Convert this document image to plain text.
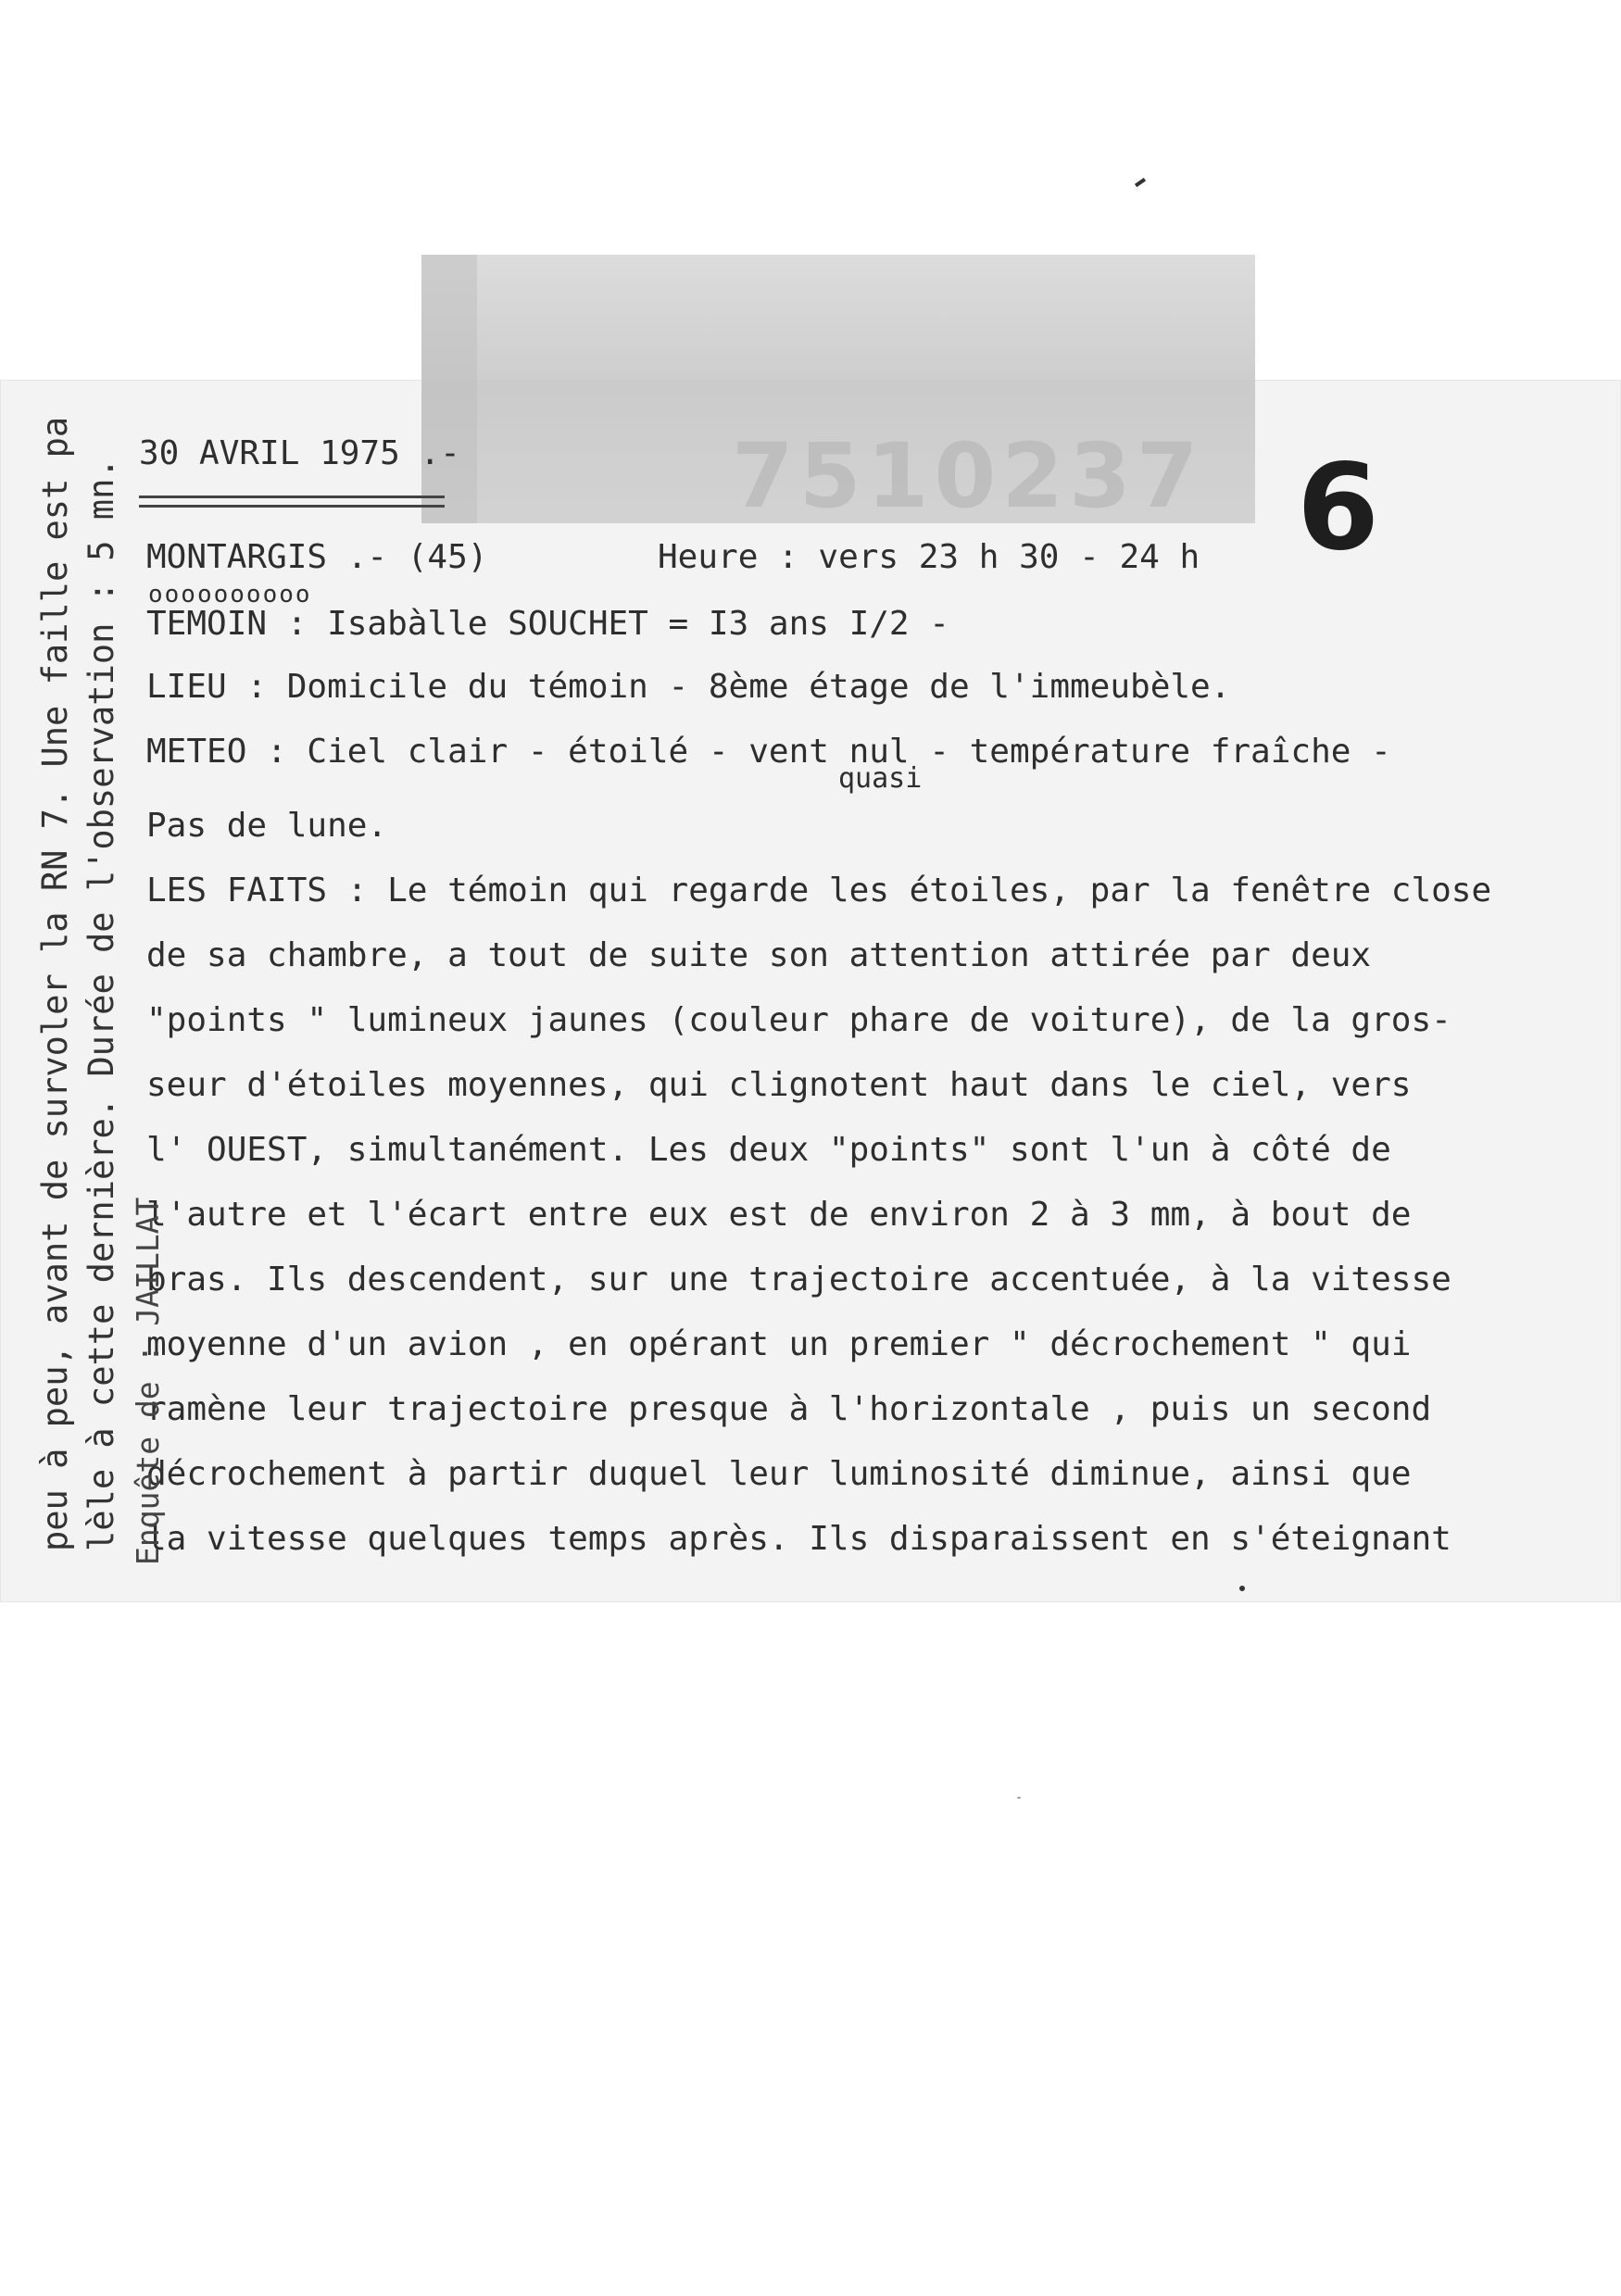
7510237 6
30 AVRIL 1975 .-
MONTARGIS .- (45)	Heure : vers 23 h 30 - 24 h
oooooooooo
TEMOIN : Isabàlle SOUCHET = I3 ans I/2 -
LIEU : Domicile du témoin - 8ème étage de l'immeubèle.
METEO : Ciel clair - étoilé - vent nul - température fraîche -
quasi
Pas de lune.
LES FAITS : Le témoin qui regarde les étoiles, par la fenêtre close
de sa chambre, a tout de suite son attention attirée par deux
"points " lumineux jaunes (couleur phare de voiture), de la gros-
seur d'étoiles moyennes, qui clignotent haut dans le ciel, vers
l' OUEST, simultanément. Les deux "points" sont l'un à côté de
l'autre et l'écart entre eux est de environ 2 à 3 mm, à bout de
bras. Ils descendent, sur une trajectoire accentuée, à la vitesse
moyenne d'un avion , en opérant un premier " décrochement " qui
ramène leur trajectoire presque à l'horizontale , puis un second
décrochement à partir duquel leur luminosité diminue, ainsi que
la vitesse quelques temps après. Ils disparaissent en s'éteignant
peu à peu, avant de survoler la RN 7. Une faille est pa lèle à cette dernière. Durée de l'observation : 5 mn. Enquête de : JAILLAT
